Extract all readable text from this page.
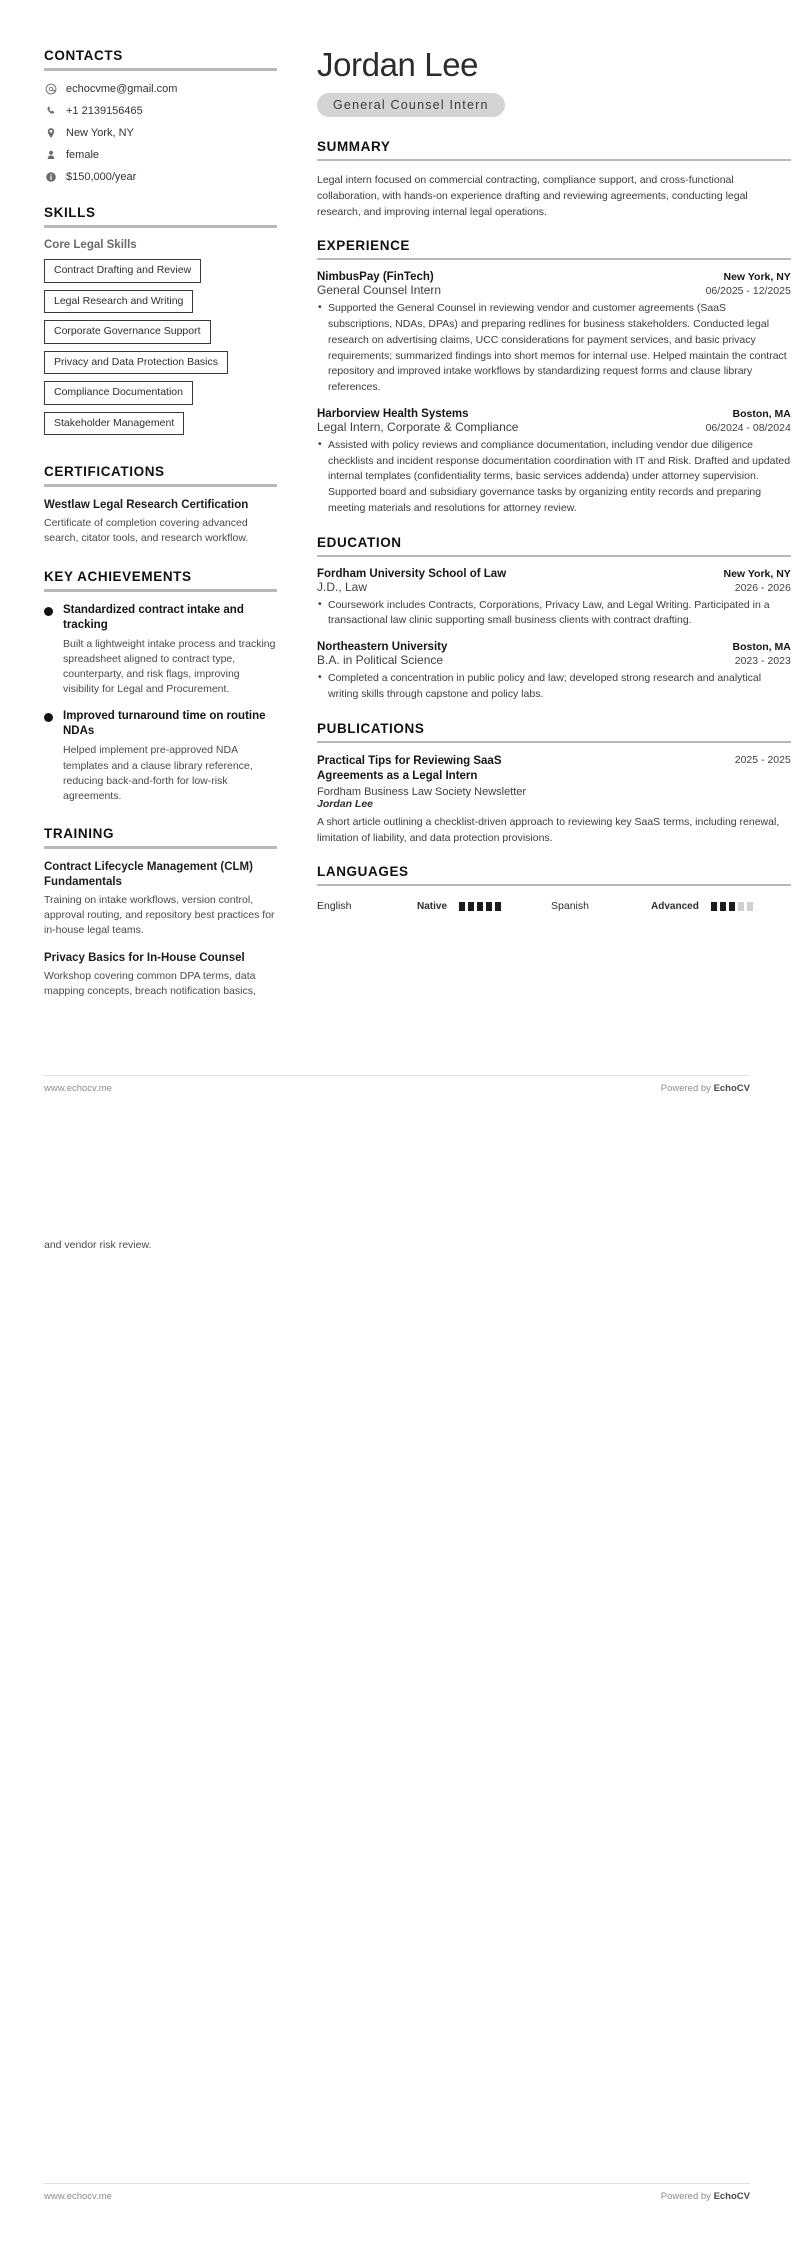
CONTACTS
echocvme@gmail.com
+1 2139156465
New York, NY
female
$150,000/year
SKILLS
Core Legal Skills
Contract Drafting and Review
Legal Research and Writing
Corporate Governance Support
Privacy and Data Protection Basics
Compliance Documentation
Stakeholder Management
CERTIFICATIONS
Westlaw Legal Research Certification
Certificate of completion covering advanced search, citator tools, and research workflow.
KEY ACHIEVEMENTS
Standardized contract intake and tracking
Built a lightweight intake process and tracking spreadsheet aligned to contract type, counterparty, and risk flags, improving visibility for Legal and Procurement.
Improved turnaround time on routine NDAs
Helped implement pre-approved NDA templates and a clause library reference, reducing back-and-forth for low-risk agreements.
TRAINING
Contract Lifecycle Management (CLM) Fundamentals
Training on intake workflows, version control, approval routing, and repository best practices for in-house legal teams.
Privacy Basics for In-House Counsel
Workshop covering common DPA terms, data mapping concepts, breach notification basics,
Jordan Lee
General Counsel Intern
SUMMARY
Legal intern focused on commercial contracting, compliance support, and cross-functional collaboration, with hands-on experience drafting and reviewing agreements, conducting legal research, and improving internal legal operations.
EXPERIENCE
NimbusPay (FinTech)	New York, NY
General Counsel Intern	06/2025 - 12/2025
• Supported the General Counsel in reviewing vendor and customer agreements (SaaS subscriptions, NDAs, DPAs) and preparing redlines for business stakeholders. Conducted legal research on advertising claims, UCC considerations for payment services, and basic privacy requirements; summarized findings into short memos for internal use. Helped maintain the contract repository and improved intake workflows by standardizing request forms and clause library references.
Harborview Health Systems	Boston, MA
Legal Intern, Corporate & Compliance	06/2024 - 08/2024
• Assisted with policy reviews and compliance documentation, including vendor due diligence checklists and incident response documentation coordination with IT and Risk. Drafted and updated internal templates (confidentiality terms, basic services addenda) under attorney supervision. Supported board and subsidiary governance tasks by organizing entity records and preparing meeting materials and resolutions for attorney review.
EDUCATION
Fordham University School of Law	New York, NY
J.D., Law	2026 - 2026
• Coursework includes Contracts, Corporations, Privacy Law, and Legal Writing. Participated in a transactional law clinic supporting small business clients with contract drafting.
Northeastern University	Boston, MA
B.A. in Political Science	2023 - 2023
• Completed a concentration in public policy and law; developed strong research and analytical writing skills through capstone and policy labs.
PUBLICATIONS
Practical Tips for Reviewing SaaS Agreements as a Legal Intern
2025 - 2025
Fordham Business Law Society Newsletter
Jordan Lee
A short article outlining a checklist-driven approach to reviewing key SaaS terms, including renewal, limitation of liability, and data protection provisions.
LANGUAGES
English	Native	Spanish	Advanced
www.echocv.me	Powered by EchoCV
and vendor risk review.
www.echocv.me	Powered by EchoCV
